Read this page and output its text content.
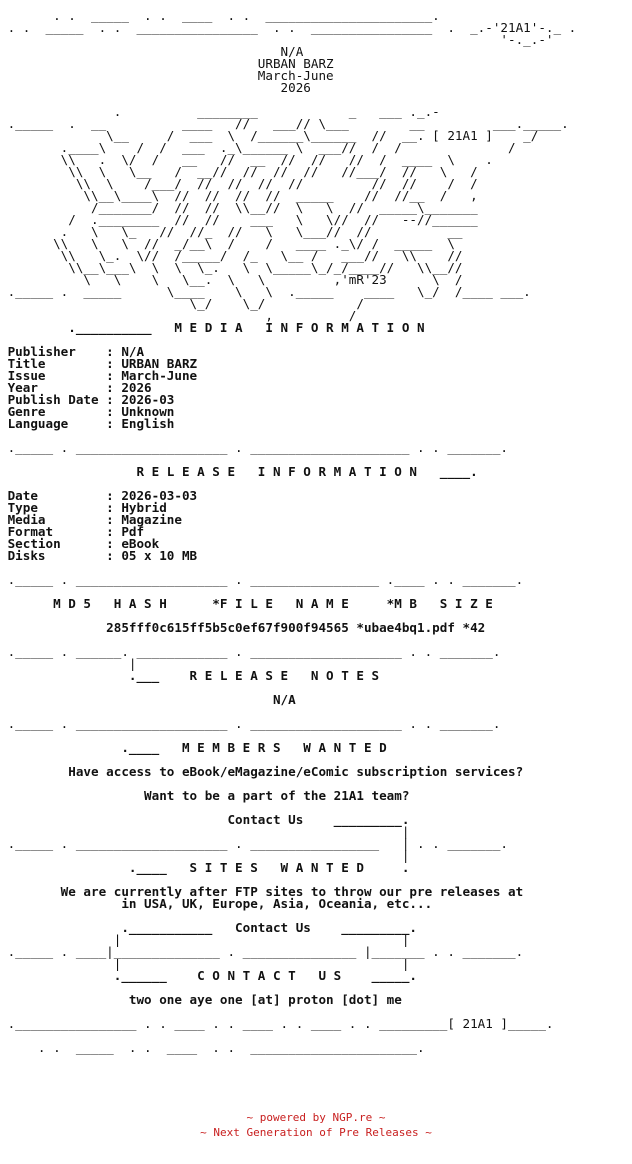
. .  _____  . .  ____  . .  ______________________.
. .  _____  . .  ________________  . .  ________________  .  _.-'21A1'-._ .
'-._.-'
N/A
URBAN BARZ
March-June
2026
.          ________            _   ___ ._.-
._____  .  __          ____   //   ___// \___        __         ___._____.
\__     /  ___  \  /______\______  //  __. [ 21A1 ]    _/
.____\    /  /  ___  ._\______ \  ___//  /  /              /
\\   .  \/  /   __   //  __  //  //   //  /  ____  \    .
\\  \   \__   /  __//  //  //  //   //___/  //   \   /
\\  \    /___/  //  //  //  //         //  //    /  /
\\__\____\  //  //  //  //  _____    //  //__  /   ,
/_______/  //  //  \\__//  \   \  //  _____\_______
/  .________  //  //    ___   \   \//  //   --//______
.   \   \_   //  //_  //   \   \___//  //          __
\\   \   \  //  _/__\  /    /   ____ ._\/ /  _____  \
\\   \_.  \//  /_____/  /_   \__ /   ___//   \\    //
\\__\___\  \  \  \_.   \  \_____\_/_/____//   \\__//
\   \    \   \__.  \   \         ,'mR'23      \  /
._____ .  _____      \____    \   \  ._____    ____   \_/  /____ ___.
\_/    \_/            /
,          /
.__________   M E D I A   I N F O R M A T I O N
Publisher    : N/A
Title        : URBAN BARZ
Issue        : March-June
Year         : 2026
Publish Date : 2026-03
Genre        : Unknown
Language     : English
._____ . ____________________ . _____________________ . . _______.
R E L E A S E   I N F O R M A T I O N   ____.
Date         : 2026-03-03
Type         : Hybrid
Media        : Magazine
Format       : Pdf
Section      : eBook
Disks        : 05 x 10 MB
._____ . ____________________ . _________________ .____ . . _______.
M D 5   H A S H      *F I L E   N A M E     *M B   S I Z E
285fff0c615ff5b5c0ef67f900f94565 *ubae4bq1.pdf *42
._____ . ______. ____________ . ____________________ . . _______.
|
.___    R E L E A S E   N O T E S
N/A
._____ . ____________________ . ____________________ . . _______.
.____   M E M B E R S   W A N T E D
Have access to eBook/eMagazine/eComic subscription services?
Want to be a part of the 21A1 team?
Contact Us    _________.
|
._____ . ____________________ . _________________   | . . _______.
|
.____   S I T E S   W A N T E D     .
We are currently after FTP sites to throw our pre releases at
in USA, UK, Europe, Asia, Oceania, etc...
.___________   Contact Us    _________.
|                                     |
._____ . ____|______________ . _______________ |_______ . . _______.
|                                     |
.______    C O N T A C T   U S    _____.
two one aye one [at] proton [dot] me
.________________ . . ____ . . ____ . . ____ . . _________[ 21A1 ]_____.
. .  _____  . .  ____  . .  ______________________.
~ powered by NGP.re ~
~ Next Generation of Pre Releases ~
